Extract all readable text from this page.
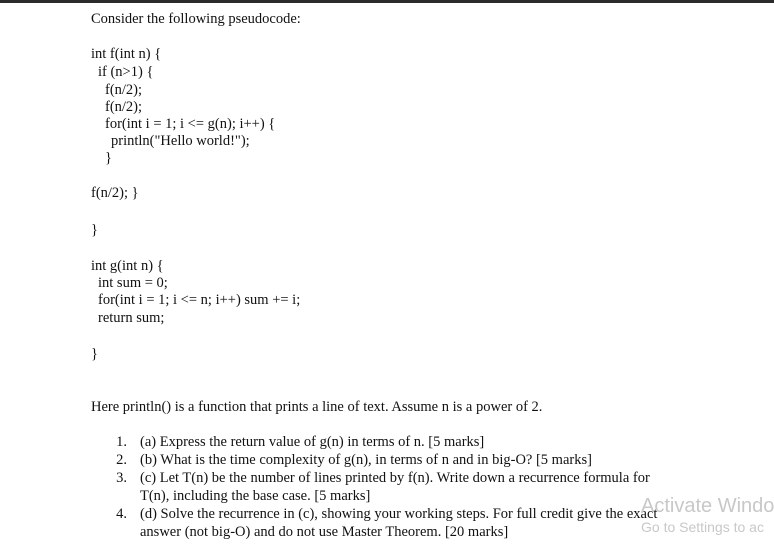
Consider the following pseudocode:
int f(int n) {
if (n>1) {
f(n/2);
f(n/2);
for(int i = 1; i <= g(n); i++) {
println("Hello world!");
}
f(n/2); }
}
int g(int n) {
int sum = 0;
for(int i = 1; i <= n; i++) sum += i;
return sum;
}
Here println() is a function that prints a line of text. Assume n is a power of 2.
1. (a) Express the return value of g(n) in terms of n. [5 marks]
2. (b) What is the time complexity of g(n), in terms of n and in big-O? [5 marks]
3. (c) Let T(n) be the number of lines printed by f(n). Write down a recurrence formula for
T(n), including the base case. [5 marks]
4. (d) Solve the recurrence in (c), showing your working steps. For full credit give the exact
answer (not big-O) and do not use Master Theorem. [20 marks]
Activate Windo
Go to Settings to ac
